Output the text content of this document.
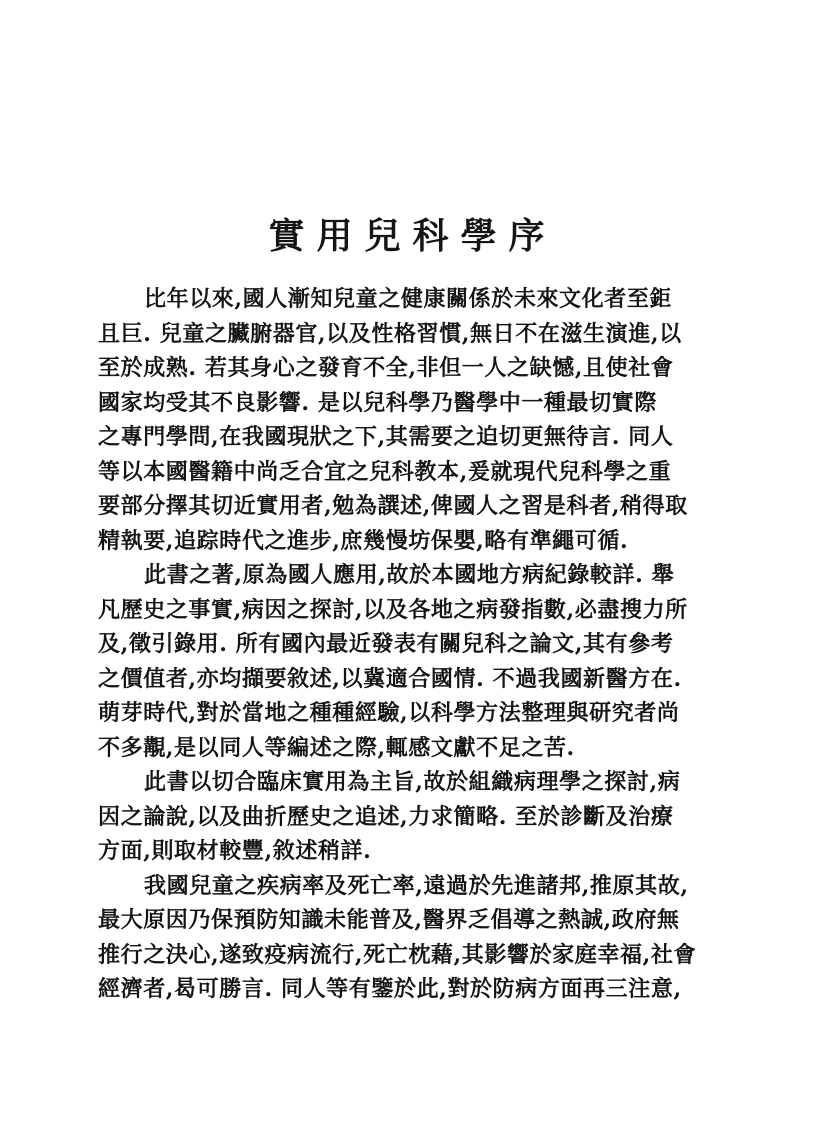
實用兒科學序
比年以來,國人漸知兒童之健康關係於未來文化者至鉅
且巨. 兒童之臟腑器官,以及性格習慣,無日不在滋生演進,以
至於成熟. 若其身心之發育不全,非但一人之缺憾,且使社會
國家均受其不良影響. 是以兒科學乃醫學中一種最切實際
之專門學問,在我國現狀之下,其需要之迫切更無待言. 同人
等以本國醫籍中尚乏合宜之兒科教本,爰就現代兒科學之重
要部分擇其切近實用者,勉為譔述,俾國人之習是科者,稍得取
精執要,追踪時代之進步,庶幾慢坊保嬰,略有準繩可循.
此書之著,原為國人應用,故於本國地方病紀錄較詳. 舉
凡歷史之事實,病因之探討,以及各地之病發指數,必盡搜力所
及,徵引錄用. 所有國內最近發表有關兒科之論文,其有參考
之價值者,亦均擷要敘述,以冀適合國情. 不過我國新醫方在.
萌芽時代,對於當地之種種經驗,以科學方法整理與研究者尚
不多覯,是以同人等編述之際,輒感文獻不足之苦.
此書以切合臨床實用為主旨,故於組織病理學之探討,病
因之論說,以及曲折歷史之追述,力求簡略. 至於診斷及治療
方面,則取材較豐,敘述稍詳.
我國兒童之疾病率及死亡率,遠過於先進諸邦,推原其故,
最大原因乃保預防知識未能普及,醫界乏倡導之熱誠,政府無
推行之決心,遂致疫病流行,死亡枕藉,其影響於家庭幸福,社會
經濟者,曷可勝言. 同人等有鑒於此,對於防病方面再三注意,
